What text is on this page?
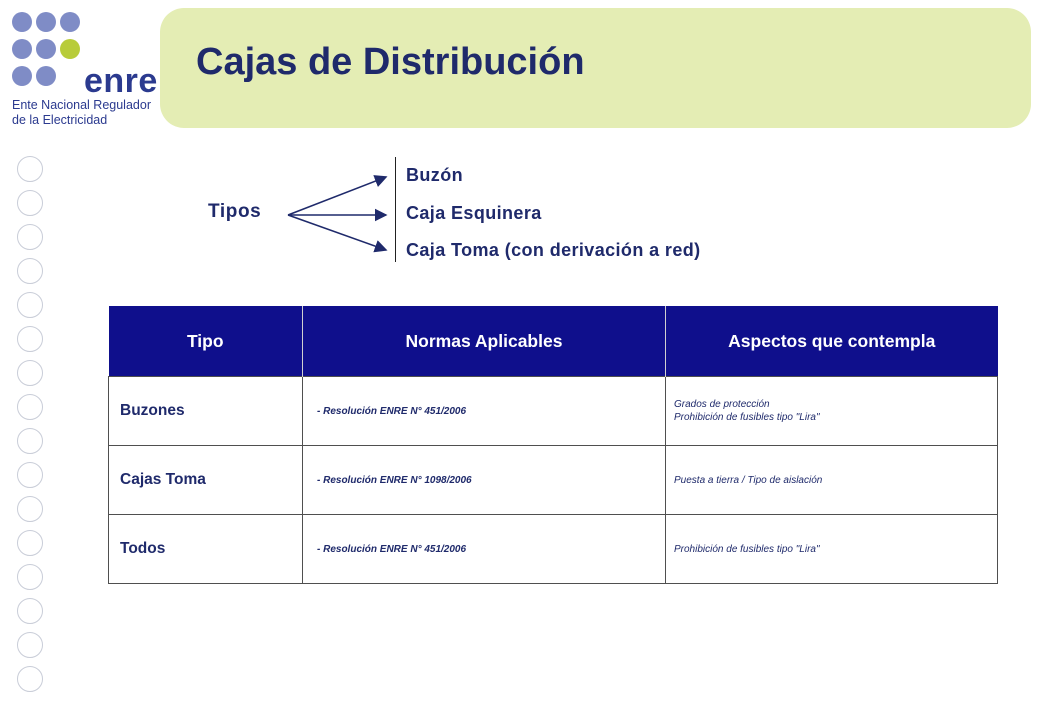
enre
Ente Nacional Regulador
de la Electricidad
Cajas de Distribución
Tipos
Buzón
Caja Esquinera
Caja Toma (con derivación a red)
Tipo	Normas Aplicables	Aspectos que contempla
Buzones	- Resolución ENRE N° 451/2006	Grados de protección
Prohibición de fusibles tipo "Lira"

Cajas Toma	- Resolución ENRE N° 1098/2006	Puesta a tierra / Tipo de aislación

Todos	- Resolución ENRE N° 451/2006	Prohibición de fusibles tipo "Lira"
